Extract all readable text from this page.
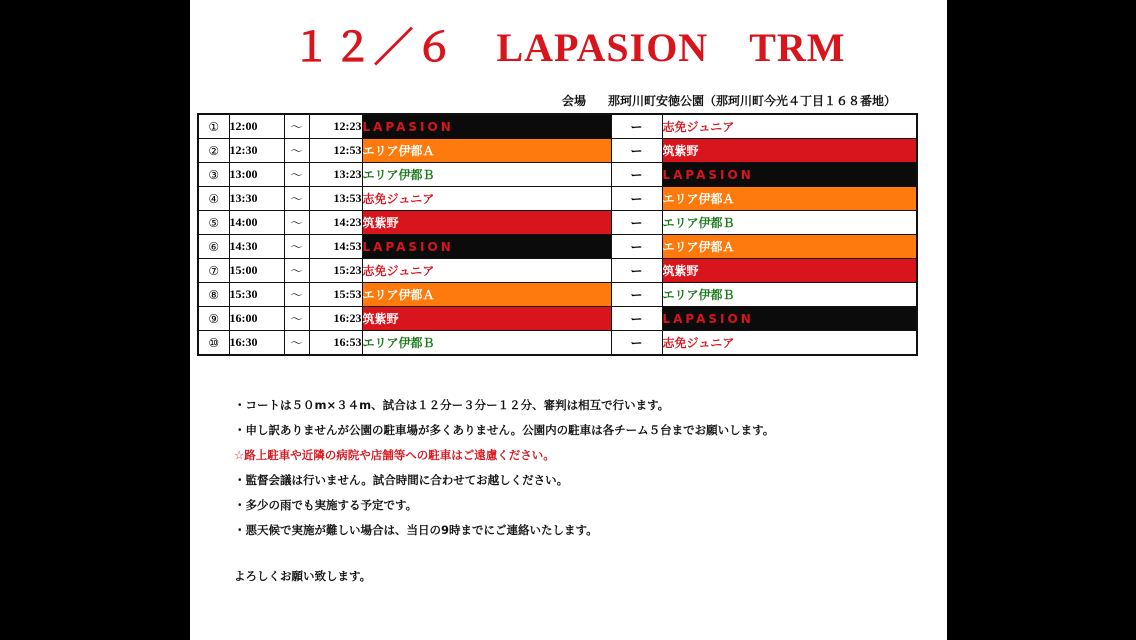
１２／６　LAPASION　TRM
会場 那珂川町安徳公園（那珂川町今光４丁目１６８番地）
①	12:00	〜	12:23	LAPASION	ー	志免ジュニア
②	12:30	〜	12:53	エリア伊都Ａ	ー	筑紫野
③	13:00	〜	13:23	エリア伊都Ｂ	ー	LAPASION
④	13:30	〜	13:53	志免ジュニア	ー	エリア伊都Ａ
⑤	14:00	〜	14:23	筑紫野	ー	エリア伊都Ｂ
⑥	14:30	〜	14:53	LAPASION	ー	エリア伊都Ａ
⑦	15:00	〜	15:23	志免ジュニア	ー	筑紫野
⑧	15:30	〜	15:53	エリア伊都Ａ	ー	エリア伊都Ｂ
⑨	16:00	〜	16:23	筑紫野	ー	LAPASION
⑩	16:30	〜	16:53	エリア伊都Ｂ	ー	志免ジュニア
・コートは５０m×３４m、試合は１２分ー３分ー１２分、審判は相互で行います。
・申し訳ありませんが公園の駐車場が多くありません。公園内の駐車は各チーム５台までお願いします。
☆路上駐車や近隣の病院や店舗等への駐車はご遠慮ください。
・監督会議は行いません。試合時間に合わせてお越しください。
・多少の雨でも実施する予定です。
・悪天候で実施が難しい場合は、当日の9時までにご連絡いたします。
よろしくお願い致します。
